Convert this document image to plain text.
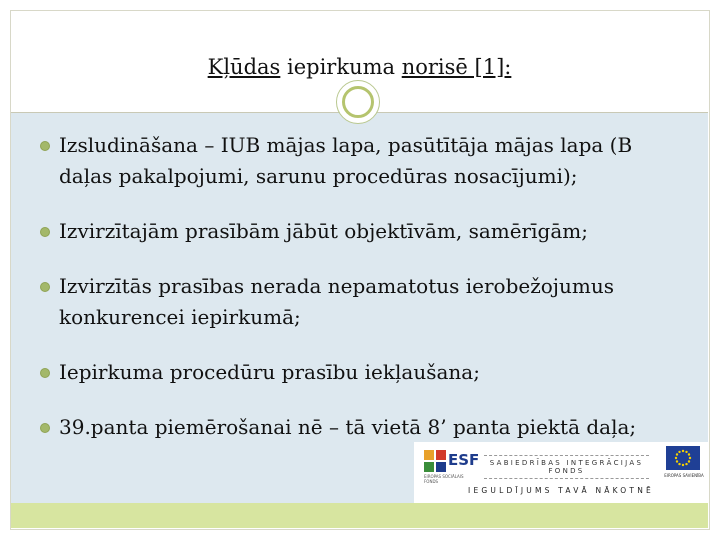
Kļūdas iepirkuma norisē [1]:
Izsludināšana – IUB mājas lapa, pasūtītāja mājas lapa (B daļas pakalpojumi, sarunu procedūras nosacījumi);
Izvirzītajām prasībām jābūt objektīvām, samērīgām;
Izvirzītās prasības nerada nepamatotus ierobežojumus konkurencei iepirkumā;
Iepirkuma procedūru prasību iekļaušana;
39.panta piemērošanai nē – tā vietā 8’ panta piektā daļa;
ESF
EIROPAS SOCIĀLAIS FONDS
SABIEDRĪBAS INTEGRĀCIJAS FONDS
EIROPAS SAVIENĪBA
IEGULDĪJUMS TAVĀ NĀKOTNĒ
